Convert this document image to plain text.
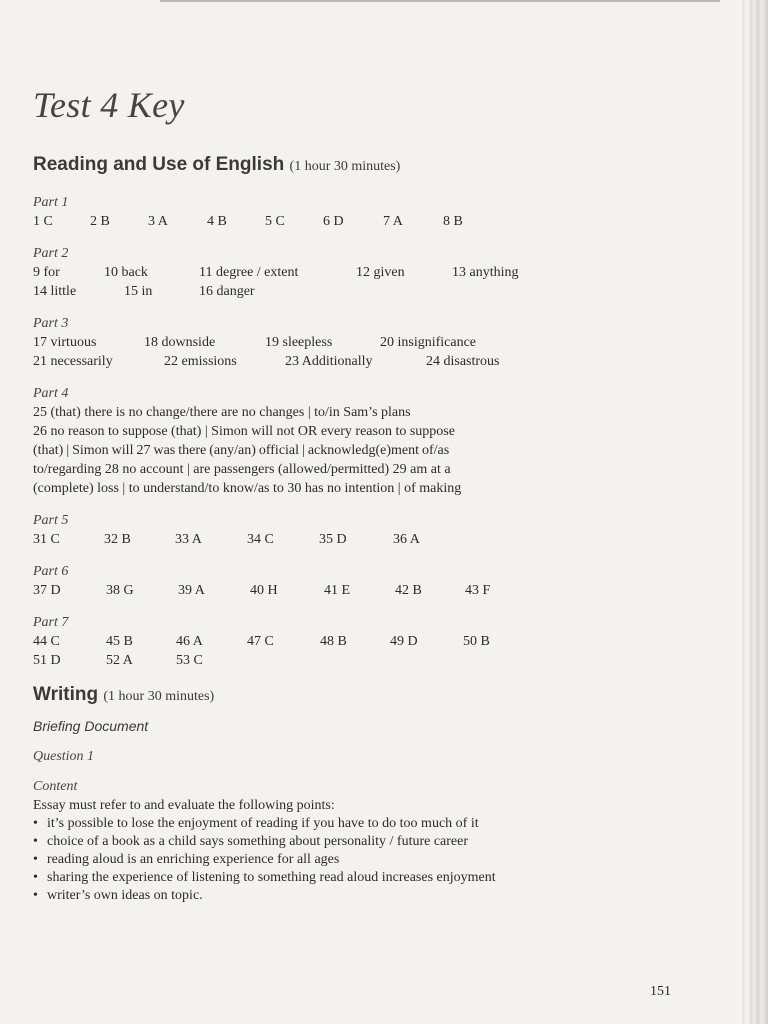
Test 4 Key
Reading and Use of English (1 hour 30 minutes)
Part 1
1 C	2 B	3 A	4 B	5 C	6 D	7 A	8 B
Part 2
9 for	10 back	11 degree / extent	12 given	13 anything
14 little	15 in	16 danger
Part 3
17 virtuous	18 downside	19 sleepless	20 insignificance
21 necessarily	22 emissions	23 Additionally	24 disastrous
Part 4
25 (that) there is no change/there are no changes | to/in Sam’s plans
26 no reason to suppose (that) | Simon will not OR every reason to suppose
(that) | Simon will 27 was there (any/an) official | acknowledg(e)ment of/as
to/regarding 28 no account | are passengers (allowed/permitted) 29 am at a
(complete) loss | to understand/to know/as to 30 has no intention | of making
Part 5
31 C	32 B	33 A	34 C	35 D	36 A
Part 6
37 D	38 G	39 A	40 H	41 E	42 B	43 F
Part 7
44 C	45 B	46 A	47 C	48 B	49 D	50 B
51 D	52 A	53 C
Writing (1 hour 30 minutes)
Briefing Document
Question 1
Content
Essay must refer to and evaluate the following points:
• it’s possible to lose the enjoyment of reading if you have to do too much of it
• choice of a book as a child says something about personality / future career
• reading aloud is an enriching experience for all ages
• sharing the experience of listening to something read aloud increases enjoyment
• writer’s own ideas on topic.
151
